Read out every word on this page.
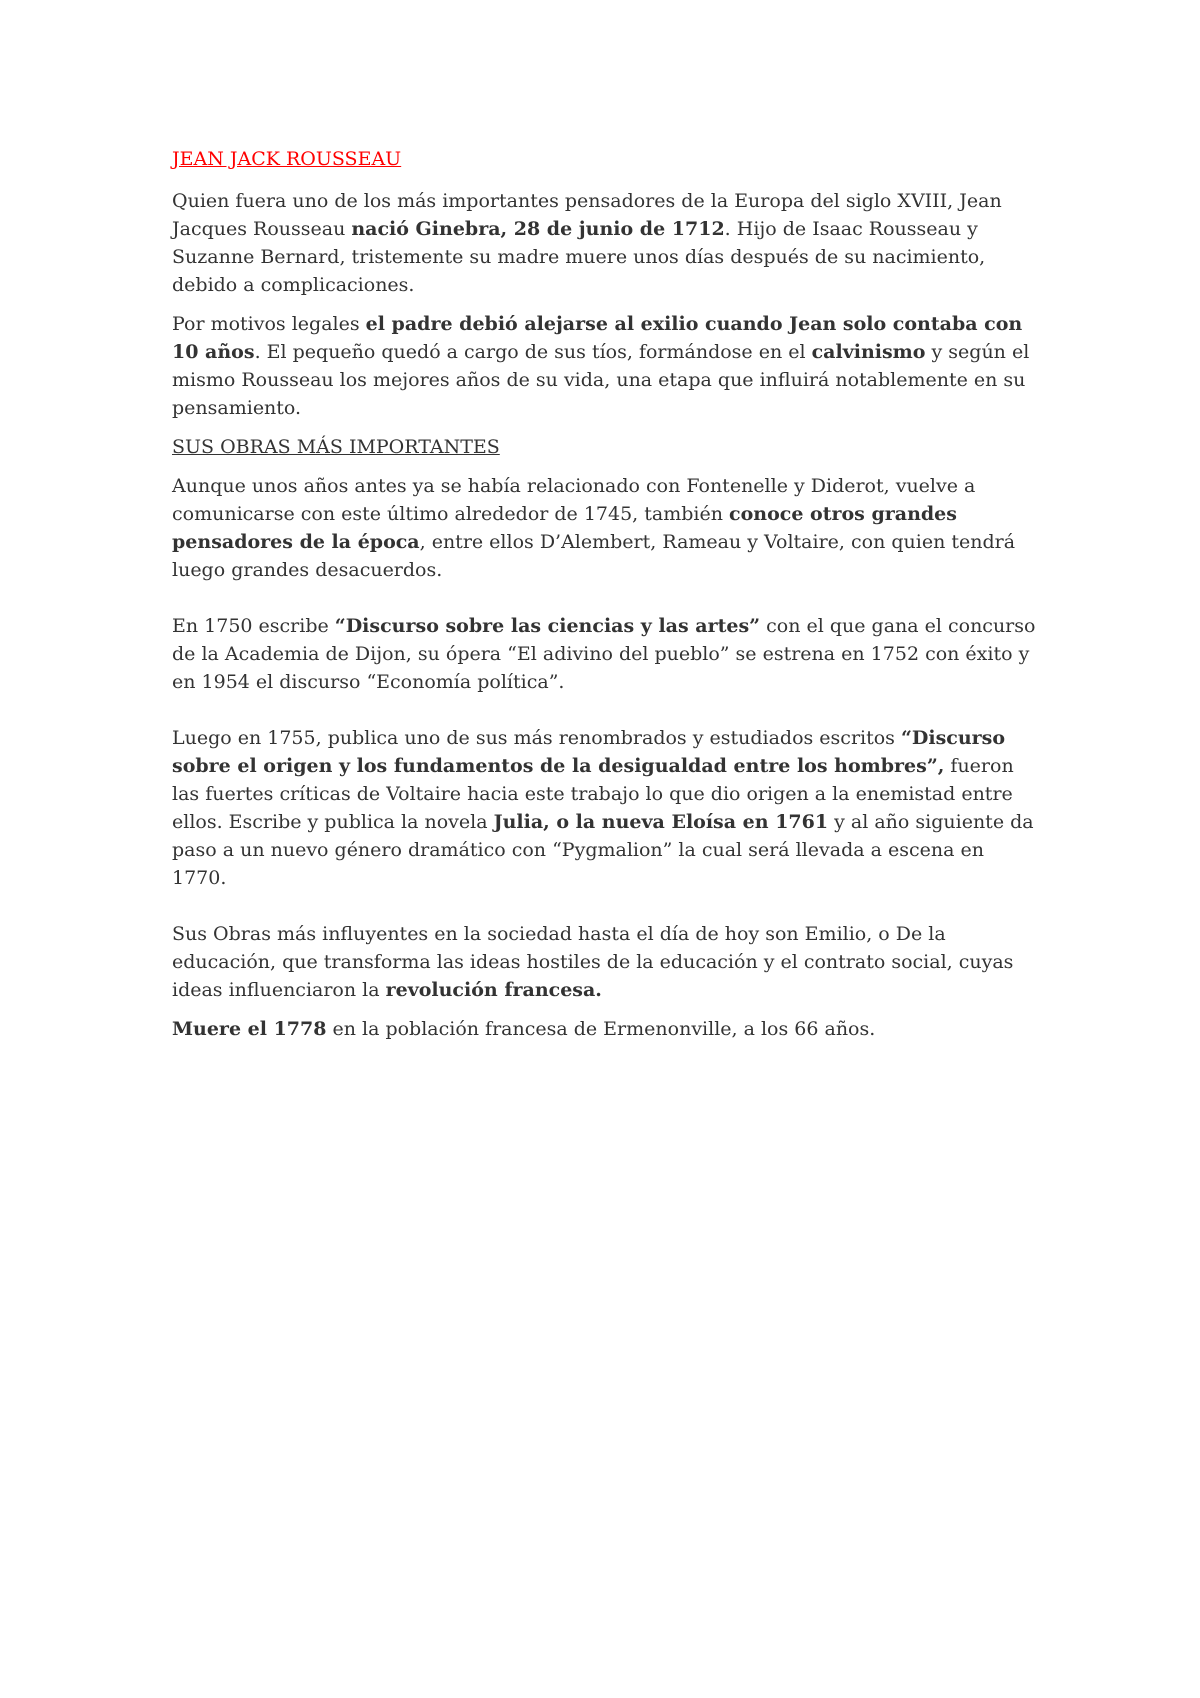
JEAN JACK ROUSSEAU

Quien fuera uno de los más importantes pensadores de la Europa del siglo XVIII, Jean Jacques Rousseau nació Ginebra, 28 de junio de 1712. Hijo de Isaac Rousseau y Suzanne Bernard, tristemente su madre muere unos días después de su nacimiento, debido a complicaciones.

Por motivos legales el padre debió alejarse al exilio cuando Jean solo contaba con 10 años. El pequeño quedó a cargo de sus tíos, formándose en el calvinismo y según el mismo Rousseau los mejores años de su vida, una etapa que influirá notablemente en su pensamiento.

SUS OBRAS MÁS IMPORTANTES

Aunque unos años antes ya se había relacionado con Fontenelle y Diderot, vuelve a comunicarse con este último alrededor de 1745, también conoce otros grandes pensadores de la época, entre ellos D’Alembert, Rameau y Voltaire, con quien tendrá luego grandes desacuerdos.

En 1750 escribe “Discurso sobre las ciencias y las artes” con el que gana el concurso de la Academia de Dijon, su ópera “El adivino del pueblo” se estrena en 1752 con éxito y en 1954 el discurso “Economía política”.

Luego en 1755, publica uno de sus más renombrados y estudiados escritos “Discurso sobre el origen y los fundamentos de la desigualdad entre los hombres”, fueron las fuertes críticas de Voltaire hacia este trabajo lo que dio origen a la enemistad entre ellos. Escribe y publica la novela Julia, o la nueva Eloísa en 1761 y al año siguiente da paso a un nuevo género dramático con “Pygmalion” la cual será llevada a escena en 1770.

Sus Obras más influyentes en la sociedad hasta el día de hoy son Emilio, o De la educación, que transforma las ideas hostiles de la educación y el contrato social, cuyas ideas influenciaron la revolución francesa.

Muere el 1778 en la población francesa de Ermenonville, a los 66 años.
